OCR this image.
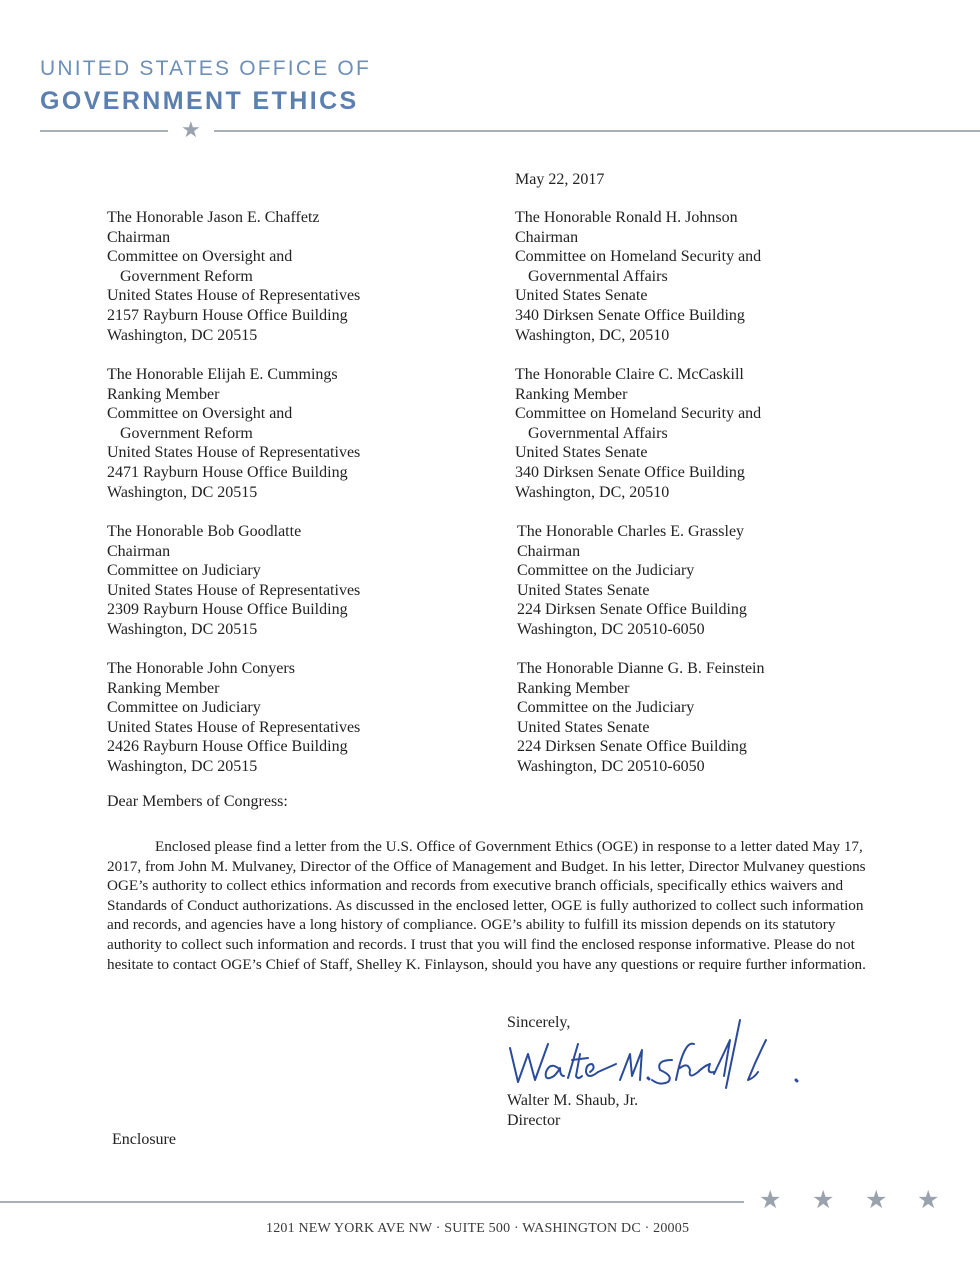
UNITED STATES OFFICE OF
GOVERNMENT ETHICS
★
May 22, 2017
The Honorable Jason E. Chaffetz
Chairman
Committee on Oversight and
Government Reform
United States House of Representatives
2157 Rayburn House Office Building
Washington, DC 20515
The Honorable Elijah E. Cummings
Ranking Member
Committee on Oversight and
Government Reform
United States House of Representatives
2471 Rayburn House Office Building
Washington, DC 20515
The Honorable Bob Goodlatte
Chairman
Committee on Judiciary
United States House of Representatives
2309 Rayburn House Office Building
Washington, DC 20515
The Honorable John Conyers
Ranking Member
Committee on Judiciary
United States House of Representatives
2426 Rayburn House Office Building
Washington, DC 20515
The Honorable Ronald H. Johnson
Chairman
Committee on Homeland Security and
Governmental Affairs
United States Senate
340 Dirksen Senate Office Building
Washington, DC, 20510
The Honorable Claire C. McCaskill
Ranking Member
Committee on Homeland Security and
Governmental Affairs
United States Senate
340 Dirksen Senate Office Building
Washington, DC, 20510
The Honorable Charles E. Grassley
Chairman
Committee on the Judiciary
United States Senate
224 Dirksen Senate Office Building
Washington, DC 20510-6050
The Honorable Dianne G. B. Feinstein
Ranking Member
Committee on the Judiciary
United States Senate
224 Dirksen Senate Office Building
Washington, DC 20510-6050
Dear Members of Congress:
Enclosed please find a letter from the U.S. Office of Government Ethics (OGE) in response to a letter dated May 17, 2017, from John M. Mulvaney, Director of the Office of Management and Budget. In his letter, Director Mulvaney questions OGE’s authority to collect ethics information and records from executive branch officials, specifically ethics waivers and Standards of Conduct authorizations. As discussed in the enclosed letter, OGE is fully authorized to collect such information and records, and agencies have a long history of compliance. OGE’s ability to fulfill its mission depends on its statutory authority to collect such information and records. I trust that you will find the enclosed response informative. Please do not hesitate to contact OGE’s Chief of Staff, Shelley K. Finlayson, should you have any questions or require further information.
Sincerely,
Walter M. Shaub, Jr.
Director
Enclosure
★ ★ ★ ★
1201 NEW YORK AVE NW · SUITE 500 · WASHINGTON DC · 20005
